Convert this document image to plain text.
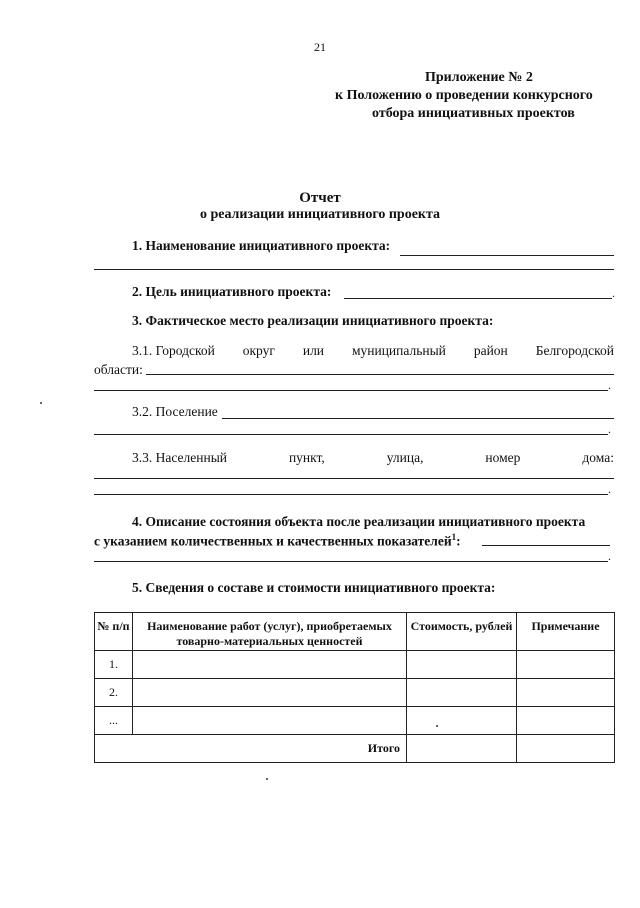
21
Приложение № 2
к Положению о проведении конкурсного
отбора инициативных проектов
Отчет
о реализации инициативного проекта
1. Наименование инициативного проекта:
2. Цель инициативного проекта:	.
3. Фактическое место реализации инициативного проекта:
3.1. Городской округ или муниципальный район Белгородской
области:
.
3.2. Поселение
.
3.3. Населенный	пункт,	улица,	номер	дома:
.
4. Описание состояния объекта после реализации инициативного проекта
с указанием количественных и качественных показателей$^1$:
.
5. Сведения о составе и стоимости инициативного проекта:
№ п/п	Наименование работ (услуг), приобретаемых товарно-материальных ценностей	Стоимость, рублей	Примечание
1.			
2.			
...			
Итого			
